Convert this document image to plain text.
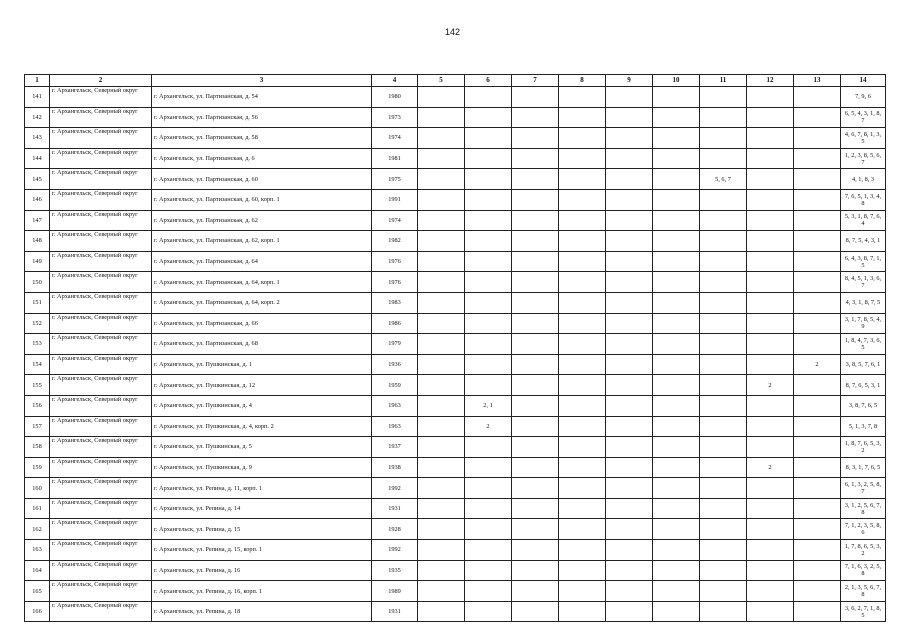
142
1	2	3	4	5	6	7	8	9	10	11	12	13	14
141	г. Архангельск, Северный округ	г. Архангельск, ул. Партизанская, д. 54	1980										7, 9, 6
142	г. Архангельск, Северный округ	г. Архангельск, ул. Партизанская, д. 56	1973										6, 5, 4, 3, 1, 8, 7
143	г. Архангельск, Северный округ	г. Архангельск, ул. Партизанская, д. 58	1974										4, 6, 7, 8, 1, 3, 5
144	г. Архангельск, Северный округ	г. Архангельск, ул. Партизанская, д. 6	1981										1, 2, 3, 8, 5, 6, 7
145	г. Архангельск, Северный округ	г. Архангельск, ул. Партизанская, д. 60	1975							5, 6, 7			4, 1, 8, 3
146	г. Архангельск, Северный округ	г. Архангельск, ул. Партизанская, д. 60, корп. 1	1991										7, 6, 5, 1, 3, 4, 8
147	г. Архангельск, Северный округ	г. Архангельск, ул. Партизанская, д. 62	1974										5, 3, 1, 8, 7, 6, 4
148	г. Архангельск, Северный округ	г. Архангельск, ул. Партизанская, д. 62, корп. 1	1982										8, 7, 5, 4, 3, 1
149	г. Архангельск, Северный округ	г. Архангельск, ул. Партизанская, д. 64	1976										6, 4, 3, 8, 7, 1, 5
150	г. Архангельск, Северный округ	г. Архангельск, ул. Партизанская, д. 64, корп. 1	1976										8, 4, 5, 1, 3, 6, 7
151	г. Архангельск, Северный округ	г. Архангельск, ул. Партизанская, д. 64, корп. 2	1983										4, 3, 1, 8, 7, 5
152	г. Архангельск, Северный округ	г. Архангельск, ул. Партизанская, д. 66	1986										3, 1, 7, 8, 5, 4, 9
153	г. Архангельск, Северный округ	г. Архангельск, ул. Партизанская, д. 68	1979										1, 8, 4, 7, 3, 6, 5
154	г. Архангельск, Северный округ	г. Архангельск, ул. Пушкинская, д. 1	1936									2	3, 8, 5, 7, 6, 1
155	г. Архангельск, Северный округ	г. Архангельск, ул. Пушкинская, д. 12	1959								2		8, 7, 6, 5, 3, 1
156	г. Архангельск, Северный округ	г. Архангельск, ул. Пушкинская, д. 4	1963		2, 1								3, 8, 7, 6, 5
157	г. Архангельск, Северный округ	г. Архангельск, ул. Пушкинская, д. 4, корп. 2	1963		2								5, 1, 3, 7, 8
158	г. Архангельск, Северный округ	г. Архангельск, ул. Пушкинская, д. 5	1937										1, 8, 7, 6, 5, 3, 2
159	г. Архангельск, Северный округ	г. Архангельск, ул. Пушкинская, д. 9	1938								2		8, 3, 1, 7, 6, 5
160	г. Архангельск, Северный округ	г. Архангельск, ул. Репина, д. 11, корп. 1	1992										6, 1, 3, 2, 5, 8, 7
161	г. Архангельск, Северный округ	г. Архангельск, ул. Репина, д. 14	1931										3, 1, 2, 5, 6, 7, 8
162	г. Архангельск, Северный округ	г. Архангельск, ул. Репина, д. 15	1928										7, 1, 2, 3, 5, 8, 6
163	г. Архангельск, Северный округ	г. Архангельск, ул. Репина, д. 15, корп. 1	1992										1, 7, 8, 6, 5, 3, 2
164	г. Архангельск, Северный округ	г. Архангельск, ул. Репина, д. 16	1935										7, 1, 6, 3, 2, 5, 8
165	г. Архангельск, Северный округ	г. Архангельск, ул. Репина, д. 16, корп. 1	1989										2, 1, 3, 5, 6, 7, 8
166	г. Архангельск, Северный округ	г. Архангельск, ул. Репина, д. 18	1931										3, 6, 2, 7, 1, 8, 5
